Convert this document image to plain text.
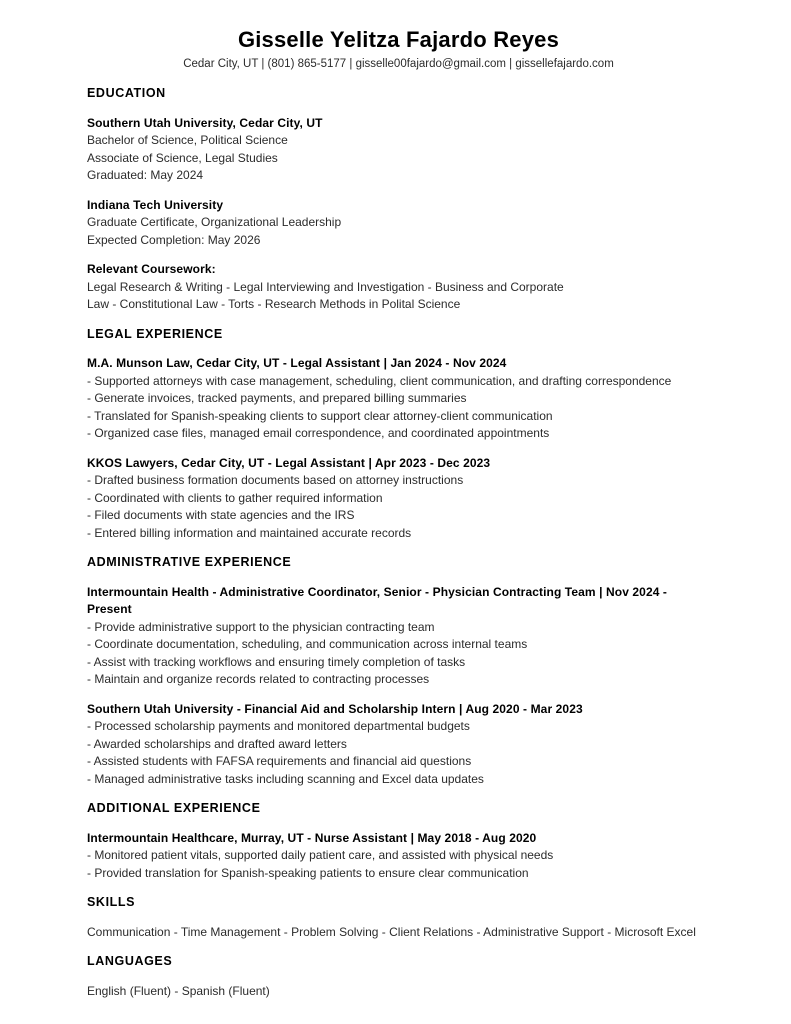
Gisselle Yelitza Fajardo Reyes
Cedar City, UT | (801) 865-5177 | gisselle00fajardo@gmail.com | gissellefajardo.com
EDUCATION
Southern Utah University, Cedar City, UT
Bachelor of Science, Political Science
Associate of Science, Legal Studies
Graduated: May 2024
Indiana Tech University
Graduate Certificate, Organizational Leadership
Expected Completion: May 2026
Relevant Coursework:
Legal Research & Writing - Legal Interviewing and Investigation - Business and Corporate
Law - Constitutional Law - Torts - Research Methods in Polital Science
LEGAL EXPERIENCE
M.A. Munson Law, Cedar City, UT - Legal Assistant | Jan 2024 - Nov 2024
- Supported attorneys with case management, scheduling, client communication, and drafting correspondence
- Generate invoices, tracked payments, and prepared billing summaries
- Translated for Spanish-speaking clients to support clear attorney-client communication
- Organized case files, managed email correspondence, and coordinated appointments
KKOS Lawyers, Cedar City, UT - Legal Assistant | Apr 2023 - Dec 2023
- Drafted business formation documents based on attorney instructions
- Coordinated with clients to gather required information
- Filed documents with state agencies and the IRS
- Entered billing information and maintained accurate records
ADMINISTRATIVE EXPERIENCE
Intermountain Health - Administrative Coordinator, Senior - Physician Contracting Team | Nov 2024 - Present
- Provide administrative support to the physician contracting team
- Coordinate documentation, scheduling, and communication across internal teams
- Assist with tracking workflows and ensuring timely completion of tasks
- Maintain and organize records related to contracting processes
Southern Utah University - Financial Aid and Scholarship Intern | Aug 2020 - Mar 2023
- Processed scholarship payments and monitored departmental budgets
- Awarded scholarships and drafted award letters
- Assisted students with FAFSA requirements and financial aid questions
- Managed administrative tasks including scanning and Excel data updates
ADDITIONAL EXPERIENCE
Intermountain Healthcare, Murray, UT - Nurse Assistant | May 2018 - Aug 2020
- Monitored patient vitals, supported daily patient care, and assisted with physical needs
- Provided translation for Spanish-speaking patients to ensure clear communication
SKILLS
Communication - Time Management - Problem Solving - Client Relations - Administrative Support - Microsoft Excel
LANGUAGES
English (Fluent) - Spanish (Fluent)
